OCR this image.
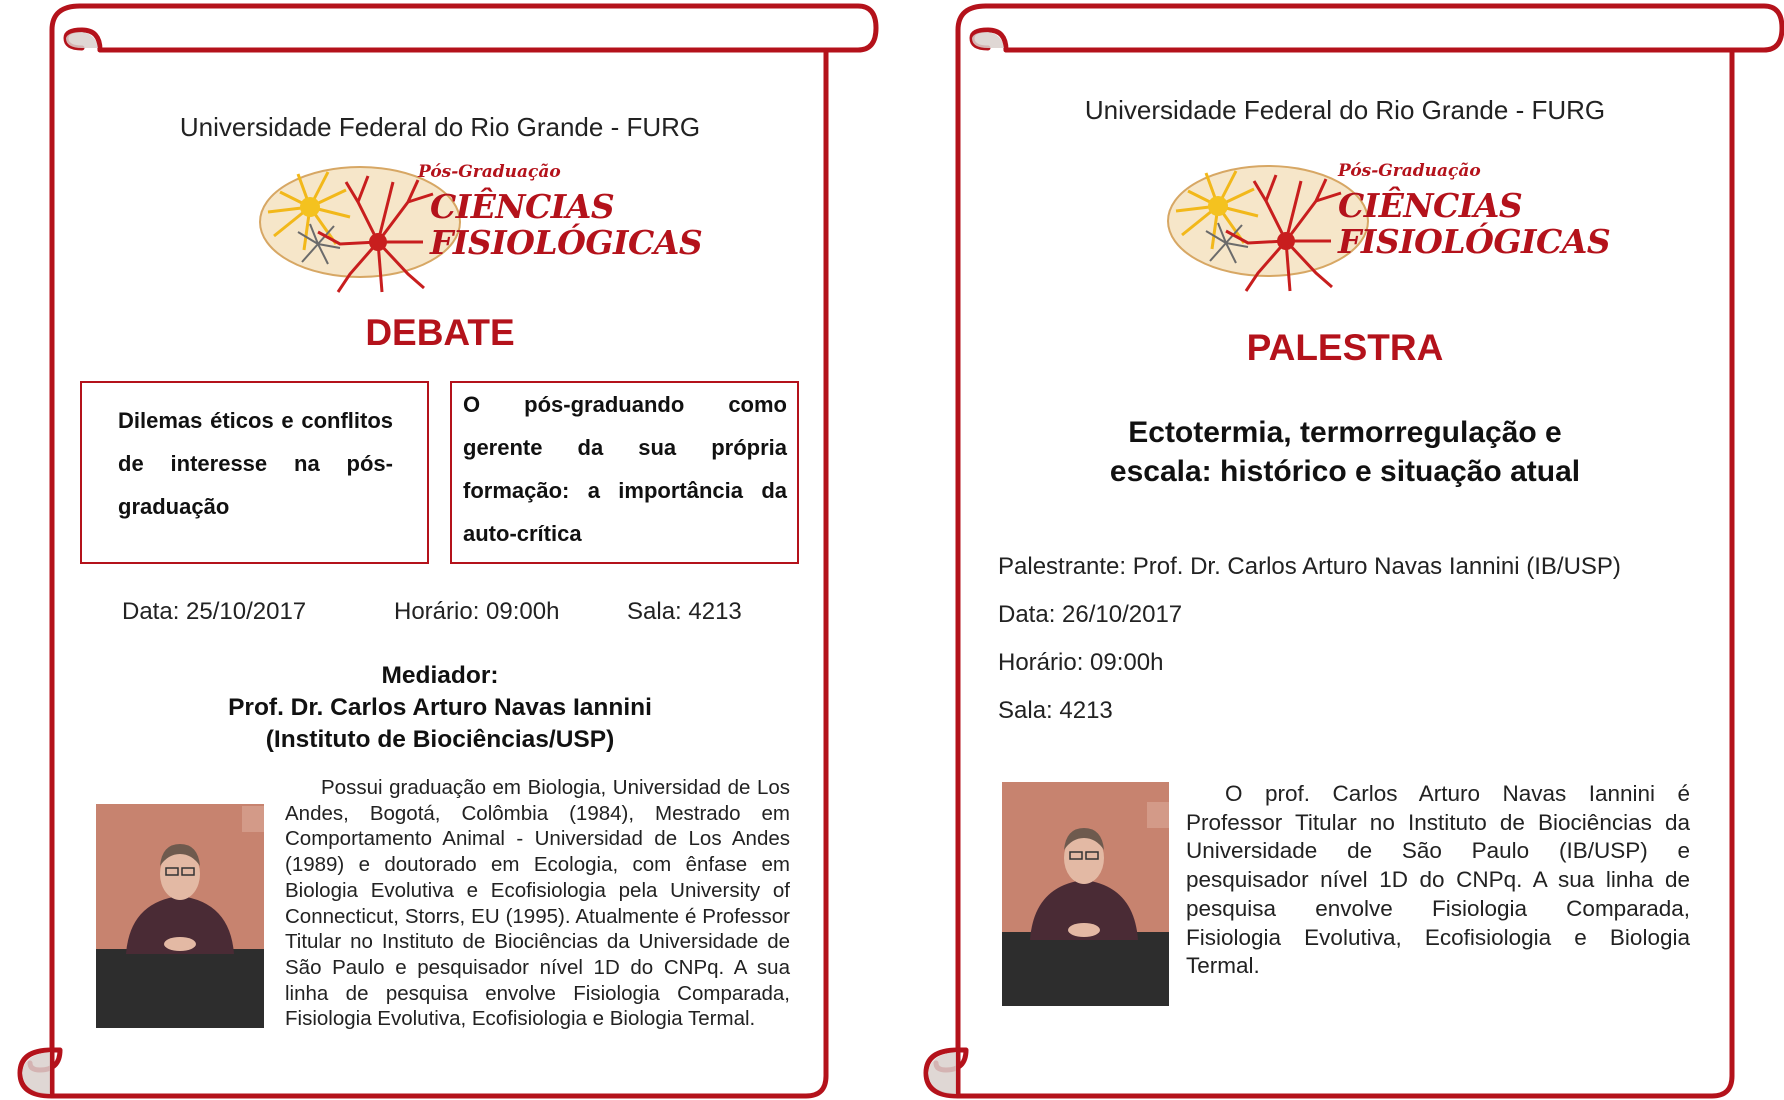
Universidade Federal do Rio Grande - FURG
Pós-Graduação
CIÊNCIAS
FISIOLÓGICAS
DEBATE
Dilemas éticos e conflitos de interesse na pós-graduação
O pós-graduando como gerente da sua própria formação: a importância da auto-crítica
Data: 25/10/2017	Horário: 09:00h	Sala: 4213
Mediador:
Prof. Dr. Carlos Arturo Navas Iannini
(Instituto de Biociências/USP)
Possui graduação em Biologia, Universidad de Los Andes, Bogotá, Colômbia (1984), Mestrado em Comportamento Animal - Universidad de Los Andes (1989) e doutorado em Ecologia, com ênfase em Biologia Evolutiva e Ecofisiologia pela University of Connecticut, Storrs, EU (1995). Atualmente é Professor Titular no Instituto de Biociências da Universidade de São Paulo e pesquisador nível 1D do CNPq. A sua linha de pesquisa envolve Fisiologia Comparada, Fisiologia Evolutiva, Ecofisiologia e Biologia Termal.
Universidade Federal do Rio Grande - FURG
Pós-Graduação
CIÊNCIAS
FISIOLÓGICAS
PALESTRA
Ectotermia, termorregulação e
escala: histórico e situação atual
Palestrante: Prof. Dr. Carlos Arturo Navas Iannini (IB/USP)
Data: 26/10/2017
Horário: 09:00h
Sala: 4213
O prof. Carlos Arturo Navas Iannini é Professor Titular no Instituto de Biociências da Universidade de São Paulo (IB/USP) e pesquisador nível 1D do CNPq. A sua linha de pesquisa envolve Fisiologia Comparada, Fisiologia Evolutiva, Ecofisiologia e Biologia Termal.
